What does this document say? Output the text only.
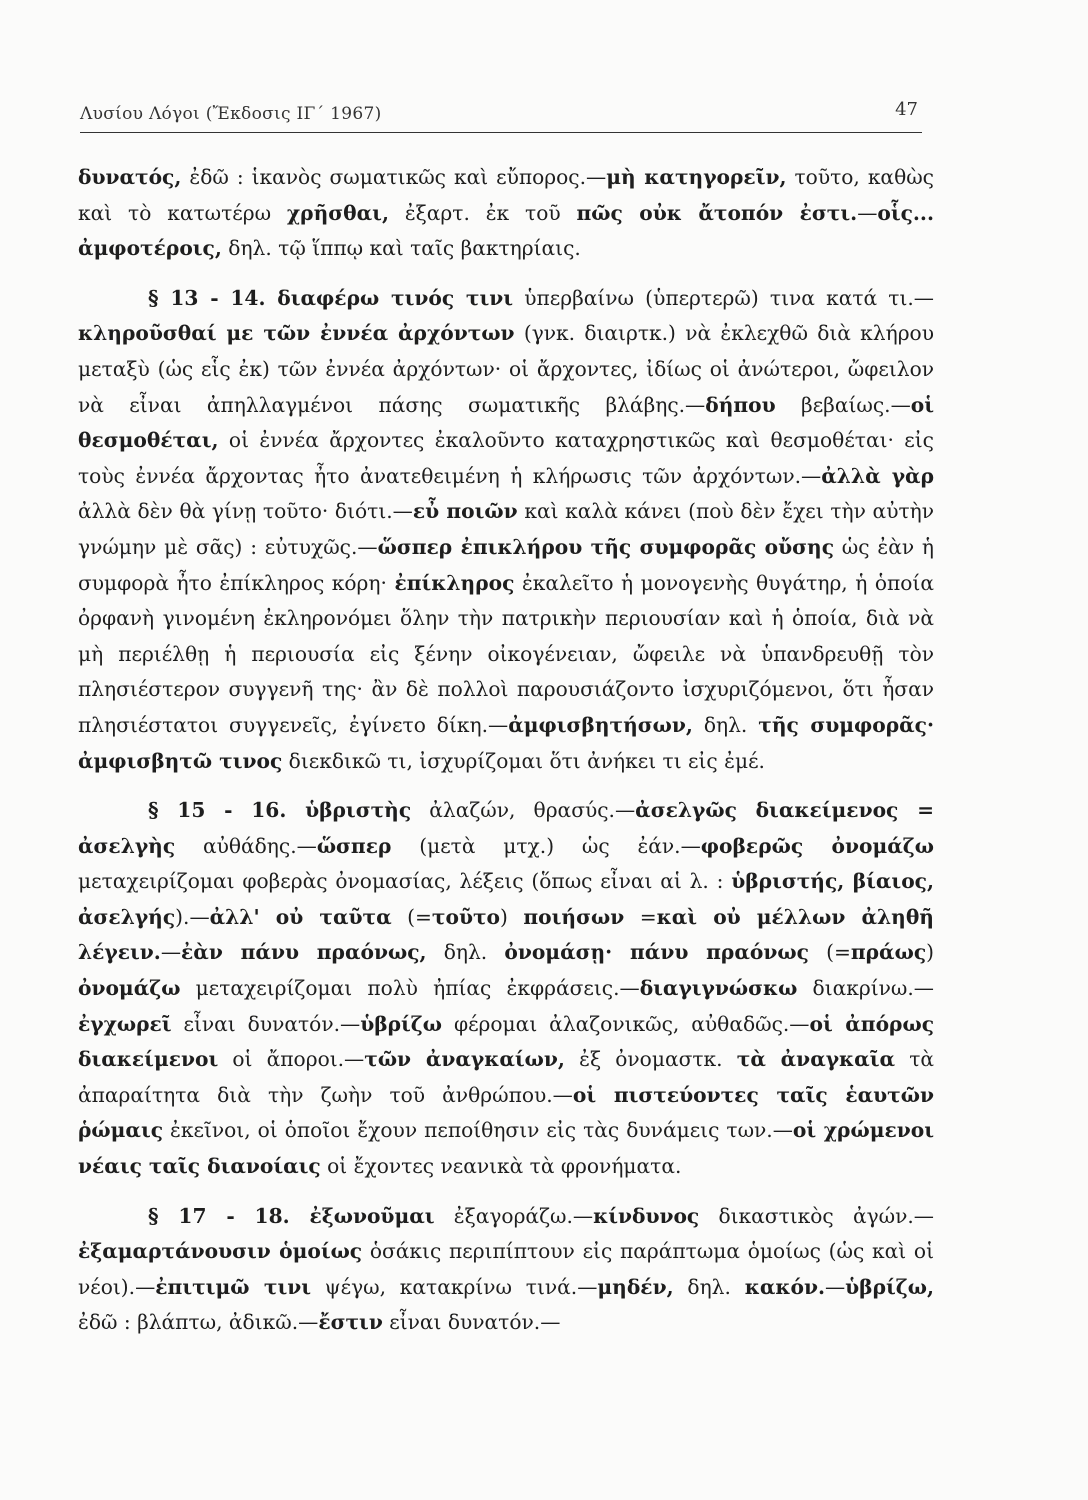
Λυσίου Λόγοι (Ἔκδοσις ΙΓ΄ 1967)	47

δυνατός, ἐδῶ : ἱκανὸς σωματικῶς καὶ εὔπορος.—μὴ κατηγορεῖν, τοῦτο, καθὼς καὶ τὸ κατωτέρω χρῆσθαι, ἐξαρτ. ἐκ τοῦ πῶς οὐκ ἄτοπόν ἐστι.—οἷς... ἀμφοτέροις, δηλ. τῷ ἵππῳ καὶ ταῖς βακτηρίαις.

§ 13 - 14. διαφέρω τινός τινι ὑπερβαίνω (ὑπερτερῶ) τινα κατά τι.—κληροῦσθαί με τῶν ἐννέα ἀρχόντων (γνκ. διαιρτκ.) νὰ ἐκλεχθῶ διὰ κλήρου μεταξὺ (ὡς εἷς ἐκ) τῶν ἐννέα ἀρχόντων· οἱ ἄρχοντες, ἰδίως οἱ ἀνώτεροι, ὤφειλον νὰ εἶναι ἀπηλλαγμένοι πάσης σωματικῆς βλάβης.—δήπου βεβαίως.—οἱ θεσμοθέται, οἱ ἐννέα ἄρχοντες ἐκαλοῦντο καταχρηστικῶς καὶ θεσμοθέται· εἰς τοὺς ἐννέα ἄρχοντας ἦτο ἀνατεθειμένη ἡ κλήρωσις τῶν ἀρχόντων.—ἀλλὰ γὰρ ἀλλὰ δὲν θὰ γίνῃ τοῦτο· διότι.—εὖ ποιῶν καὶ καλὰ κάνει (ποὺ δὲν ἔχει τὴν αὐτὴν γνώμην μὲ σᾶς) : εὐτυχῶς.—ὥσπερ ἐπικλήρου τῆς συμφορᾶς οὔσης ὡς ἐὰν ἡ συμφορὰ ἦτο ἐπίκληρος κόρη· ἐπίκληρος ἐκαλεῖτο ἡ μονογενὴς θυγάτηρ, ἡ ὁποία ὀρφανὴ γινομένη ἐκληρονόμει ὅλην τὴν πατρικὴν περιουσίαν καὶ ἡ ὁποία, διὰ νὰ μὴ περιέλθῃ ἡ περιουσία εἰς ξένην οἰκογένειαν, ὤφειλε νὰ ὑπανδρευθῇ τὸν πλησιέστερον συγγενῆ της· ἂν δὲ πολλοὶ παρουσιάζοντο ἰσχυριζόμενοι, ὅτι ἦσαν πλησιέστατοι συγγενεῖς, ἐγίνετο δίκη.—ἀμφισβητήσων, δηλ. τῆς συμφορᾶς· ἀμφισβητῶ τινος διεκδικῶ τι, ἰσχυρίζομαι ὅτι ἀνήκει τι εἰς ἐμέ.

§ 15 - 16. ὑβριστὴς ἀλαζών, θρασύς.—ἀσελγῶς διακείμενος = ἀσελγὴς αὐθάδης.—ὥσπερ (μετὰ μτχ.) ὡς ἐάν.—φοβερῶς ὀνομάζω μεταχειρίζομαι φοβερὰς ὀνομασίας, λέξεις (ὅπως εἶναι αἱ λ. : ὑβριστής, βίαιος, ἀσελγής).—ἀλλ' οὐ ταῦτα (=τοῦτο) ποιήσων =καὶ οὐ μέλλων ἀληθῆ λέγειν.—ἐὰν πάνυ πραόνως, δηλ. ὀνομάσῃ· πάνυ πραόνως (=πράως) ὀνομάζω μεταχειρίζομαι πολὺ ἠπίας ἐκφράσεις.—διαγιγνώσκω διακρίνω.—ἐγχωρεῖ εἶναι δυνατόν.—ὑβρίζω φέρομαι ἀλαζονικῶς, αὐθαδῶς.—οἱ ἀπόρως διακείμενοι οἱ ἄποροι.—τῶν ἀναγκαίων, ἐξ ὀνομαστκ. τὰ ἀναγκαῖα τὰ ἀπαραίτητα διὰ τὴν ζωὴν τοῦ ἀνθρώπου.—οἱ πιστεύοντες ταῖς ἑαυτῶν ῥώμαις ἐκεῖνοι, οἱ ὁποῖοι ἔχουν πεποίθησιν εἰς τὰς δυνάμεις των.—οἱ χρώμενοι νέαις ταῖς διανοίαις οἱ ἔχοντες νεανικὰ τὰ φρονήματα.

§ 17 - 18. ἐξωνοῦμαι ἐξαγοράζω.—κίνδυνος δικαστικὸς ἀγών.—ἐξαμαρτάνουσιν ὁμοίως ὁσάκις περιπίπτουν εἰς παράπτωμα ὁμοίως (ὡς καὶ οἱ νέοι).—ἐπιτιμῶ τινι ψέγω, κατακρίνω τινά.—μηδέν, δηλ. κακόν.—ὑβρίζω, ἐδῶ : βλάπτω, ἀδικῶ.—ἔστιν εἶναι δυνατόν.—
